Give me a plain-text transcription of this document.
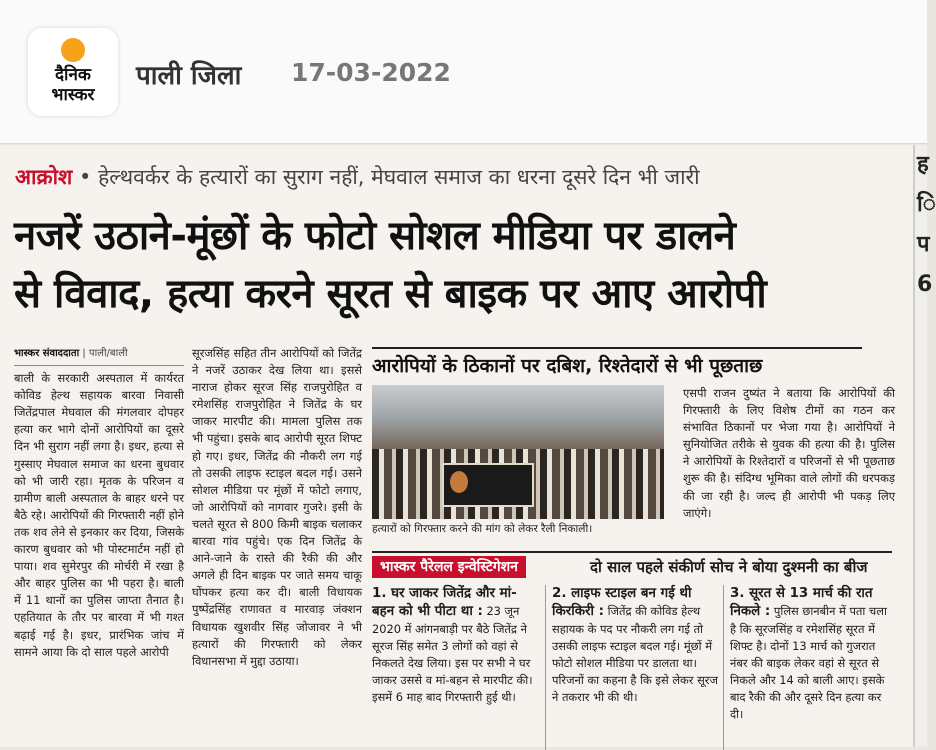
दैनिक
भास्कर
पाली जिला 17-03-2022
आक्रोश • हेल्थवर्कर के हत्यारों का सुराग नहीं, मेघवाल समाज का धरना दूसरे दिन भी जारी
नजरें उठाने-मूंछों के फोटो सोशल मीडिया पर डालने
से विवाद, हत्या करने सूरत से बाइक पर आए आरोपी
भास्कर संवाददाता | पाली/बाली

बाली के सरकारी अस्पताल में कार्यरत कोविड हेल्थ सहायक बारवा निवासी जितेंद्रपाल मेघवाल की मंगलवार दोपहर हत्या कर भागे दोनों आरोपियों का दूसरे दिन भी सुराग नहीं लगा है। इधर, हत्या से गुस्साए मेघवाल समाज का धरना बुधवार को भी जारी रहा। मृतक के परिजन व ग्रामीण बाली अस्पताल के बाहर धरने पर बैठे रहे। आरोपियों की गिरफ्तारी नहीं होने तक शव लेने से इनकार कर दिया, जिसके कारण बुधवार को भी पोस्टमार्टम नहीं हो पाया। शव सुमेरपुर की मोर्चरी में रखा है और बाहर पुलिस का भी पहरा है। बाली में 11 थानों का पुलिस जाप्ता तैनात है। एहतियात के तौर पर बारवा में भी गश्त बढ़ाई गई है। इधर, प्रारंभिक जांच में सामने आया कि दो साल पहले आरोपी

सूरजसिंह सहित तीन आरोपियों को जितेंद्र ने नजरें उठाकर देख लिया था। इससे नाराज होकर सूरज सिंह राजपुरोहित व रमेशसिंह राजपुरोहित ने जितेंद्र के घर जाकर मारपीट की। मामला पुलिस तक भी पहुंचा। इसके बाद आरोपी सूरत शिफ्ट हो गए। इधर, जितेंद्र की नौकरी लग गई तो उसकी लाइफ स्टाइल बदल गई। उसने सोशल मीडिया पर मूंछों में फोटो लगाए, जो आरोपियों को नागवार गुजरे। इसी के चलते सूरत से 800 किमी बाइक चलाकर बारवा गांव पहुंचे। एक दिन जितेंद्र के आने-जाने के रास्ते की रैकी की और अगले ही दिन बाइक पर जाते समय चाकू घोंपकर हत्या कर दी। बाली विधायक पुष्पेंद्रसिंह राणावत व मारवाड़ जंक्शन विधायक खुशवीर सिंह जोजावर ने भी हत्यारों की गिरफ्तारी को लेकर विधानसभा में मुद्दा उठाया।

आरोपियों के ठिकानों पर दबिश, रिश्तेदारों से भी पूछताछ
हत्यारों को गिरफ्तार करने की मांग को लेकर रैली निकाली।
एसपी राजन दुष्यंत ने बताया कि आरोपियों की गिरफ्तारी के लिए विशेष टीमों का गठन कर संभावित ठिकानों पर भेजा गया है। आरोपियों ने सुनियोजित तरीके से युवक की हत्या की है। पुलिस ने आरोपियों के रिश्तेदारों व परिजनों से भी पूछताछ शुरू की है। संदिग्ध भूमिका वाले लोगों की धरपकड़ की जा रही है। जल्द ही आरोपी भी पकड़ लिए जाएंगे।
भास्कर पैरेलल इन्वेस्टिगेशन	दो साल पहले संकीर्ण सोच ने बोया दुश्मनी का बीज
1. घर जाकर जितेंद्र और मां-बहन को भी पीटा था : 23 जून 2020 में आंगनबाड़ी पर बैठे जितेंद्र ने सूरज सिंह समेत 3 लोगों को वहां से निकलते देख लिया। इस पर सभी ने घर जाकर उससे व मां-बहन से मारपीट की। इसमें 6 माह बाद गिरफ्तारी हुई थी।
2. लाइफ स्टाइल बन गई थी किरकिरी : जितेंद्र की कोविड हेल्थ सहायक के पद पर नौकरी लग गई तो उसकी लाइफ स्टाइल बदल गई। मूंछों में फोटो सोशल मीडिया पर डालता था। परिजनों का कहना है कि इसे लेकर सूरज ने तकरार भी की थी।
3. सूरत से 13 मार्च की रात निकले : पुलिस छानबीन में पता चला है कि सूरजसिंह व रमेशसिंह सूरत में शिफ्ट है। दोनों 13 मार्च को गुजरात नंबर की बाइक लेकर वहां से सूरत से निकले और 14 को बाली आए। इसके बाद रैकी की और दूसरे दिन हत्या कर दी।
ह
ि
प
6
